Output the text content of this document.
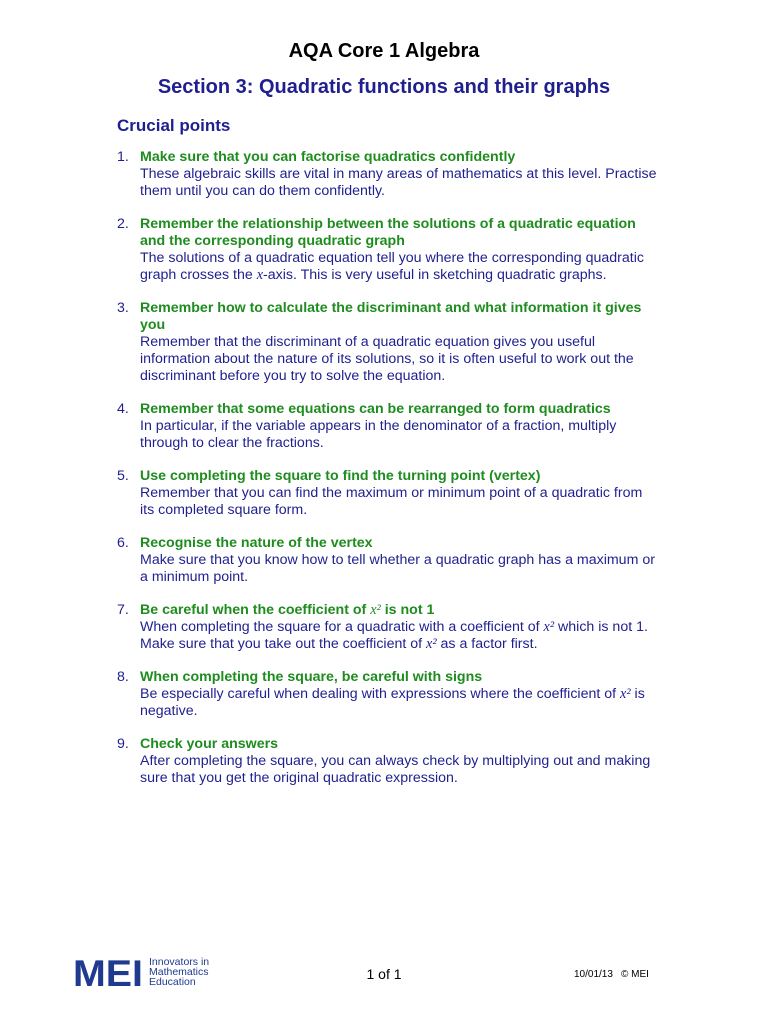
AQA Core 1 Algebra
Section 3: Quadratic functions and their graphs
Crucial points
1. Make sure that you can factorise quadratics confidently
These algebraic skills are vital in many areas of mathematics at this level. Practise them until you can do them confidently.
2. Remember the relationship between the solutions of a quadratic equation and the corresponding quadratic graph
The solutions of a quadratic equation tell you where the corresponding quadratic graph crosses the x-axis. This is very useful in sketching quadratic graphs.
3. Remember how to calculate the discriminant and what information it gives you
Remember that the discriminant of a quadratic equation gives you useful information about the nature of its solutions, so it is often useful to work out the discriminant before you try to solve the equation.
4. Remember that some equations can be rearranged to form quadratics
In particular, if the variable appears in the denominator of a fraction, multiply through to clear the fractions.
5. Use completing the square to find the turning point (vertex)
Remember that you can find the maximum or minimum point of a quadratic from its completed square form.
6. Recognise the nature of the vertex
Make sure that you know how to tell whether a quadratic graph has a maximum or a minimum point.
7. Be careful when the coefficient of x² is not 1
When completing the square for a quadratic with a coefficient of x² which is not 1. Make sure that you take out the coefficient of x² as a factor first.
8. When completing the square, be careful with signs
Be especially careful when dealing with expressions where the coefficient of x² is negative.
9. Check your answers
After completing the square, you can always check by multiplying out and making sure that you get the original quadratic expression.
MEI Innovators in
Mathematics
Education	1 of 1	10/01/13 © MEI
